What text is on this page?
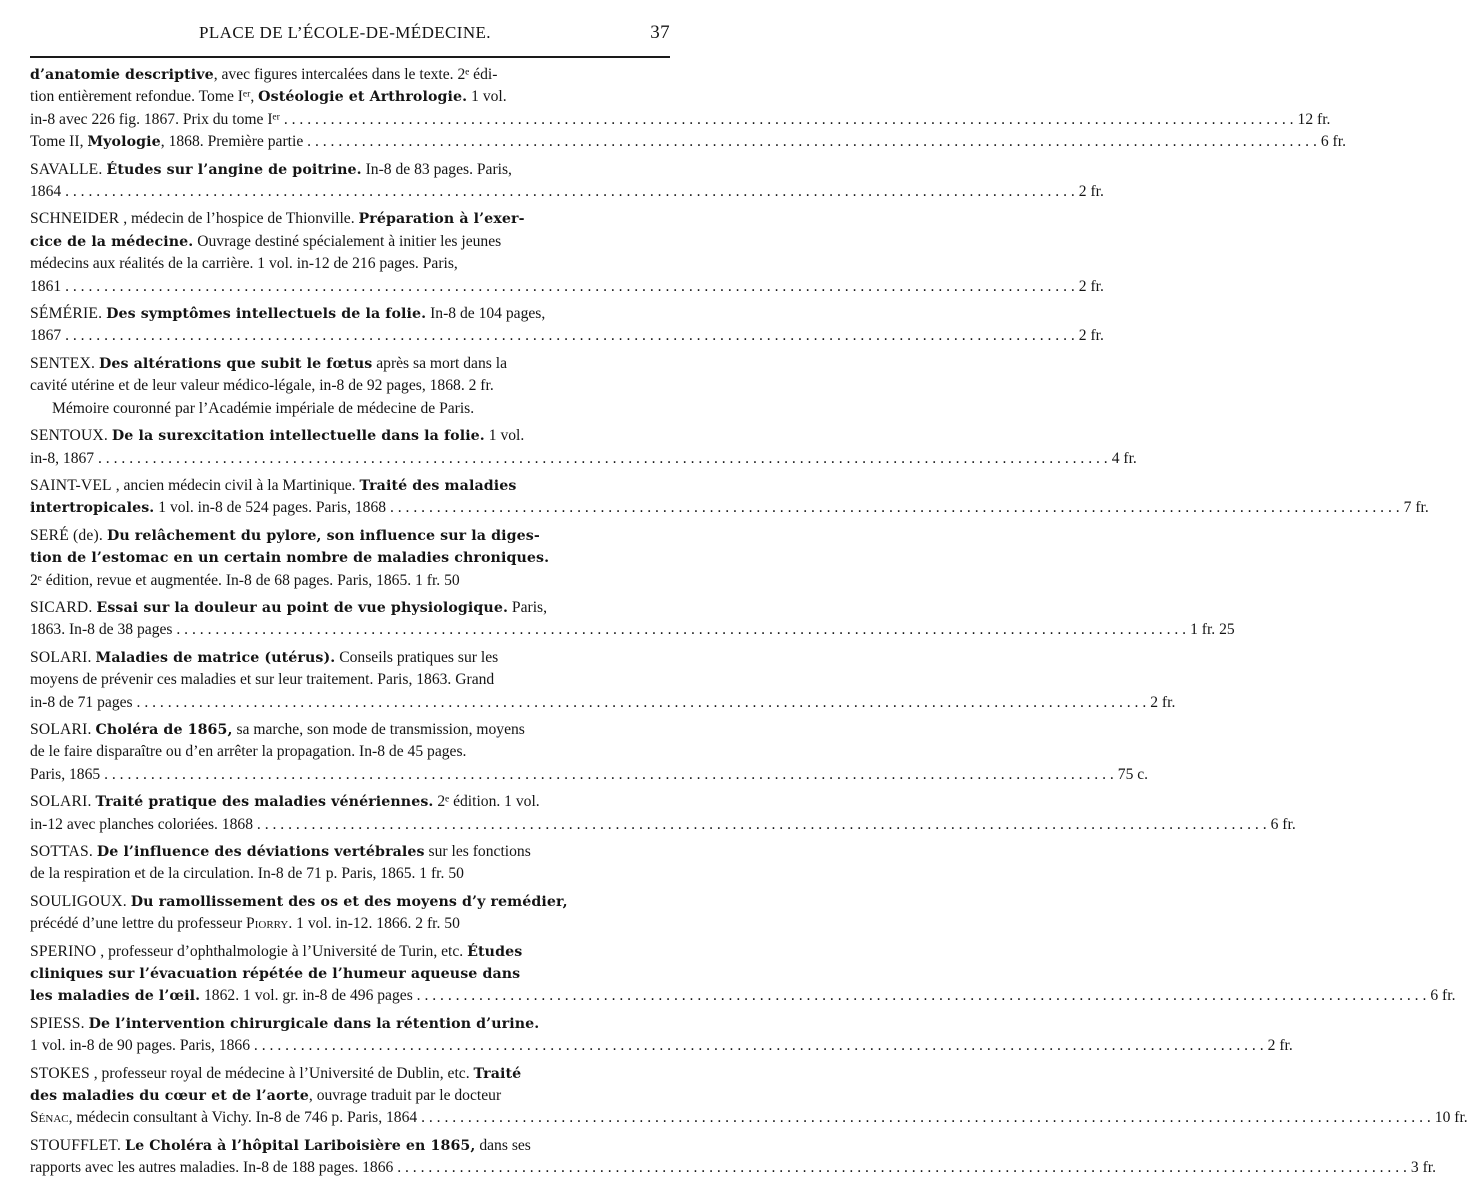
PLACE DE L’ÉCOLE-DE-MÉDECINE.	37
d’anatomie descriptive, avec figures intercalées dans le texte. 2ᵉ édi-
tion entièrement refondue. Tome Iᵉʳ, Ostéologie et Arthrologie. 1 vol.
in-8 avec 226 fig. 1867. Prix du tome Iᵉʳ . . .	12 fr.
Tome II, Myologie, 1868. Première partie . . .	6 fr.
SAVALLE. Études sur l’angine de poitrine. In-8 de 83 pages. Paris,
1864 . . .	2 fr.
SCHNEIDER , médecin de l’hospice de Thionville. Préparation à l’exer-
cice de la médecine. Ouvrage destiné spécialement à initier les jeunes
médecins aux réalités de la carrière. 1 vol. in-12 de 216 pages. Paris,
1861 . . .	2 fr.
SÉMÉRIE. Des symptômes intellectuels de la folie. In-8 de 104 pages,
1867 . . .	2 fr.
SENTEX. Des altérations que subit le fœtus après sa mort dans la
cavité utérine et de leur valeur médico-légale, in-8 de 92 pages, 1868. 2 fr.
Mémoire couronné par l’Académie impériale de médecine de Paris.
SENTOUX. De la surexcitation intellectuelle dans la folie. 1 vol.
in-8, 1867 . . .	4 fr.
SAINT-VEL , ancien médecin civil à la Martinique. Traité des maladies
intertropicales. 1 vol. in-8 de 524 pages. Paris, 1868 . . .	7 fr.
SERÉ (de). Du relâchement du pylore, son influence sur la diges-
tion de l’estomac en un certain nombre de maladies chroniques.
2ᵉ édition, revue et augmentée. In-8 de 68 pages. Paris, 1865. 1 fr. 50
SICARD. Essai sur la douleur au point de vue physiologique. Paris,
1863. In-8 de 38 pages . . .	1 fr. 25
SOLARI. Maladies de matrice (utérus). Conseils pratiques sur les
moyens de prévenir ces maladies et sur leur traitement. Paris, 1863. Grand
in-8 de 71 pages . . .	2 fr.
SOLARI. Choléra de 1865, sa marche, son mode de transmission, moyens
de le faire disparaître ou d’en arrêter la propagation. In-8 de 45 pages.
Paris, 1865 . . .	75 c.
SOLARI. Traité pratique des maladies vénériennes. 2ᵉ édition. 1 vol.
in-12 avec planches coloriées. 1868 . . .	6 fr.
SOTTAS. De l’influence des déviations vertébrales sur les fonctions
de la respiration et de la circulation. In-8 de 71 p. Paris, 1865. 1 fr. 50
SOULIGOUX. Du ramollissement des os et des moyens d’y remédier,
précédé d’une lettre du professeur Piorry. 1 vol. in-12. 1866. 2 fr. 50
SPERINO , professeur d’ophthalmologie à l’Université de Turin, etc. Études
cliniques sur l’évacuation répétée de l’humeur aqueuse dans
les maladies de l’œil. 1862. 1 vol. gr. in-8 de 496 pages . . .	6 fr.
SPIESS. De l’intervention chirurgicale dans la rétention d’urine.
1 vol. in-8 de 90 pages. Paris, 1866 . . .	2 fr.
STOKES , professeur royal de médecine à l’Université de Dublin, etc. Traité
des maladies du cœur et de l’aorte, ouvrage traduit par le docteur
Sénac, médecin consultant à Vichy. In-8 de 746 p. Paris, 1864 . . .	10 fr.
STOUFFLET. Le Choléra à l’hôpital Lariboisière en 1865, dans ses
rapports avec les autres maladies. In-8 de 188 pages. 1866 . . .	3 fr.
